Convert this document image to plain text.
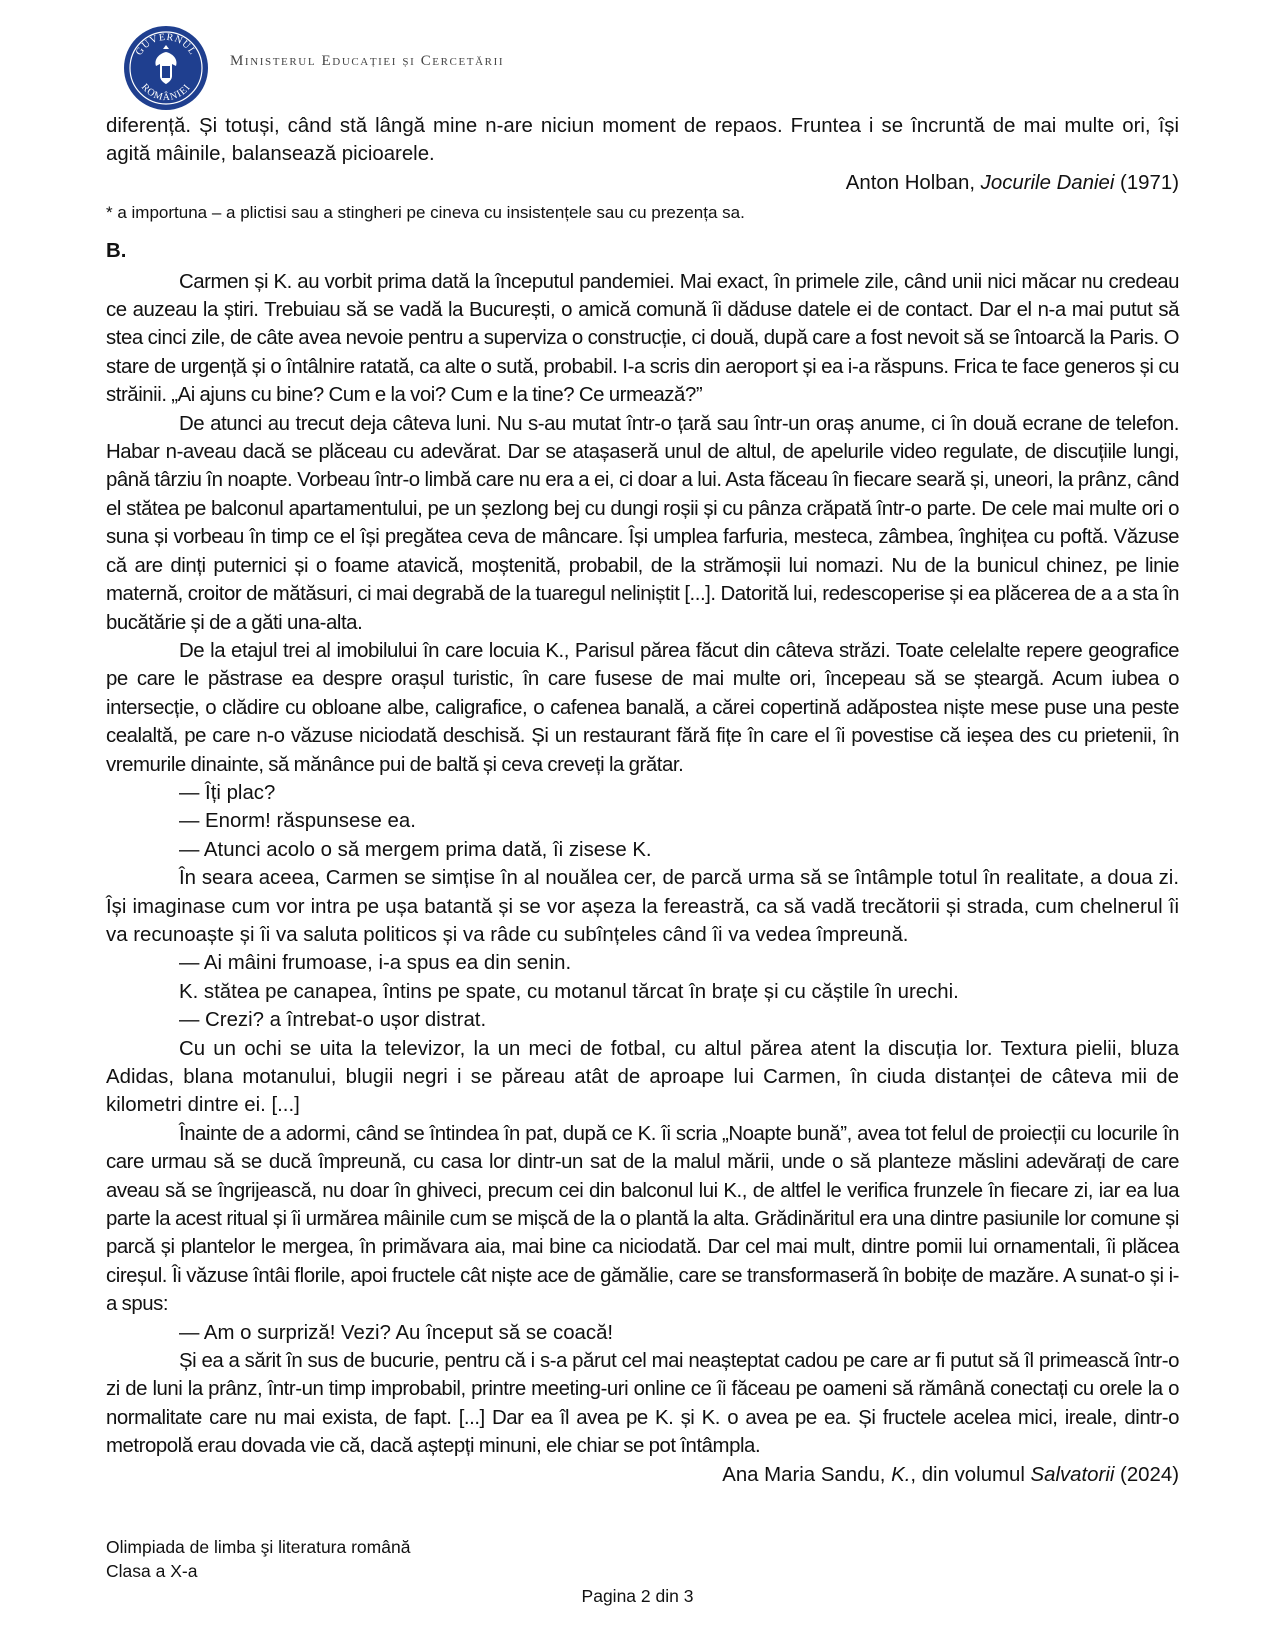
GUVERNUL
ROMÂNIEI
Ministerul Educației și Cercetării

diferență. Și totuși, când stă lângă mine n-are niciun moment de repaos. Fruntea i se încruntă de mai multe ori, își agită mâinile, balansează picioarele.

Anton Holban, Jocurile Daniei (1971)

* a importuna – a plictisi sau a stingheri pe cineva cu insistențele sau cu prezența sa.

B.

Carmen și K. au vorbit prima dată la începutul pandemiei. Mai exact, în primele zile, când unii nici măcar nu credeau ce auzeau la știri. Trebuiau să se vadă la București, o amică comună îi dăduse datele ei de contact. Dar el n-a mai putut să stea cinci zile, de câte avea nevoie pentru a superviza o construcție, ci două, după care a fost nevoit să se întoarcă la Paris. O stare de urgență și o întâlnire ratată, ca alte o sută, probabil. I-a scris din aeroport și ea i-a răspuns. Frica te face generos și cu străinii. „Ai ajuns cu bine? Cum e la voi? Cum e la tine? Ce urmează?”

De atunci au trecut deja câteva luni. Nu s-au mutat într-o țară sau într-un oraș anume, ci în două ecrane de telefon. Habar n-aveau dacă se plăceau cu adevărat. Dar se atașaseră unul de altul, de apelurile video regulate, de discuțiile lungi, până târziu în noapte. Vorbeau într-o limbă care nu era a ei, ci doar a lui. Asta făceau în fiecare seară și, uneori, la prânz, când el stătea pe balconul apartamentului, pe un șezlong bej cu dungi roșii și cu pânza crăpată într-o parte. De cele mai multe ori o suna și vorbeau în timp ce el își pregătea ceva de mâncare. Își umplea farfuria, mesteca, zâmbea, înghițea cu poftă. Văzuse că are dinți puternici și o foame atavică, moștenită, probabil, de la strămoșii lui nomazi. Nu de la bunicul chinez, pe linie maternă, croitor de mătăsuri, ci mai degrabă de la tuaregul neliniștit [...]. Datorită lui, redescoperise și ea plăcerea de a a sta în bucătărie și de a găti una-alta.

De la etajul trei al imobilului în care locuia K., Parisul părea făcut din câteva străzi. Toate celelalte repere geografice pe care le păstrase ea despre orașul turistic, în care fusese de mai multe ori, începeau să se șteargă. Acum iubea o intersecție, o clădire cu obloane albe, caligrafice, o cafenea banală, a cărei copertină adăpostea niște mese puse una peste cealaltă, pe care n-o văzuse niciodată deschisă. Și un restaurant fără fițe în care el îi povestise că ieșea des cu prietenii, în vremurile dinainte, să mănânce pui de baltă și ceva creveți la grătar.

— Îți plac?

— Enorm! răspunsese ea.

— Atunci acolo o să mergem prima dată, îi zisese K.

În seara aceea, Carmen se simțise în al nouălea cer, de parcă urma să se întâmple totul în realitate, a doua zi. Își imaginase cum vor intra pe ușa batantă și se vor așeza la fereastră, ca să vadă trecătorii și strada, cum chelnerul îi va recunoaște și îi va saluta politicos și va râde cu subînțeles când îi va vedea împreună.

— Ai mâini frumoase, i-a spus ea din senin.

K. stătea pe canapea, întins pe spate, cu motanul tărcat în brațe și cu căștile în urechi.

— Crezi? a întrebat-o ușor distrat.

Cu un ochi se uita la televizor, la un meci de fotbal, cu altul părea atent la discuția lor. Textura pielii, bluza Adidas, blana motanului, blugii negri i se păreau atât de aproape lui Carmen, în ciuda distanței de câteva mii de kilometri dintre ei. [...]

Înainte de a adormi, când se întindea în pat, după ce K. îi scria „Noapte bună”, avea tot felul de proiecții cu locurile în care urmau să se ducă împreună, cu casa lor dintr-un sat de la malul mării, unde o să planteze măslini adevărați de care aveau să se îngrijească, nu doar în ghiveci, precum cei din balconul lui K., de altfel le verifica frunzele în fiecare zi, iar ea lua parte la acest ritual și îi urmărea mâinile cum se mișcă de la o plantă la alta. Grădinăritul era una dintre pasiunile lor comune și parcă și plantelor le mergea, în primăvara aia, mai bine ca niciodată. Dar cel mai mult, dintre pomii lui ornamentali, îi plăcea cireșul. Îi văzuse întâi florile, apoi fructele cât niște ace de gămălie, care se transformaseră în bobițe de mazăre. A sunat-o și i-a spus:

— Am o surpriză! Vezi? Au început să se coacă!

Și ea a sărit în sus de bucurie, pentru că i s-a părut cel mai neașteptat cadou pe care ar fi putut să îl primească într-o zi de luni la prânz, într-un timp improbabil, printre meeting-uri online ce îi făceau pe oameni să rămână conectați cu orele la o normalitate care nu mai exista, de fapt. [...] Dar ea îl avea pe K. și K. o avea pe ea. Și fructele acelea mici, ireale, dintr-o metropolă erau dovada vie că, dacă aștepți minuni, ele chiar se pot întâmpla.

Ana Maria Sandu, K., din volumul Salvatorii (2024)

Olimpiada de limba şi literatura română
Clasa a X-a
Pagina 2 din 3
